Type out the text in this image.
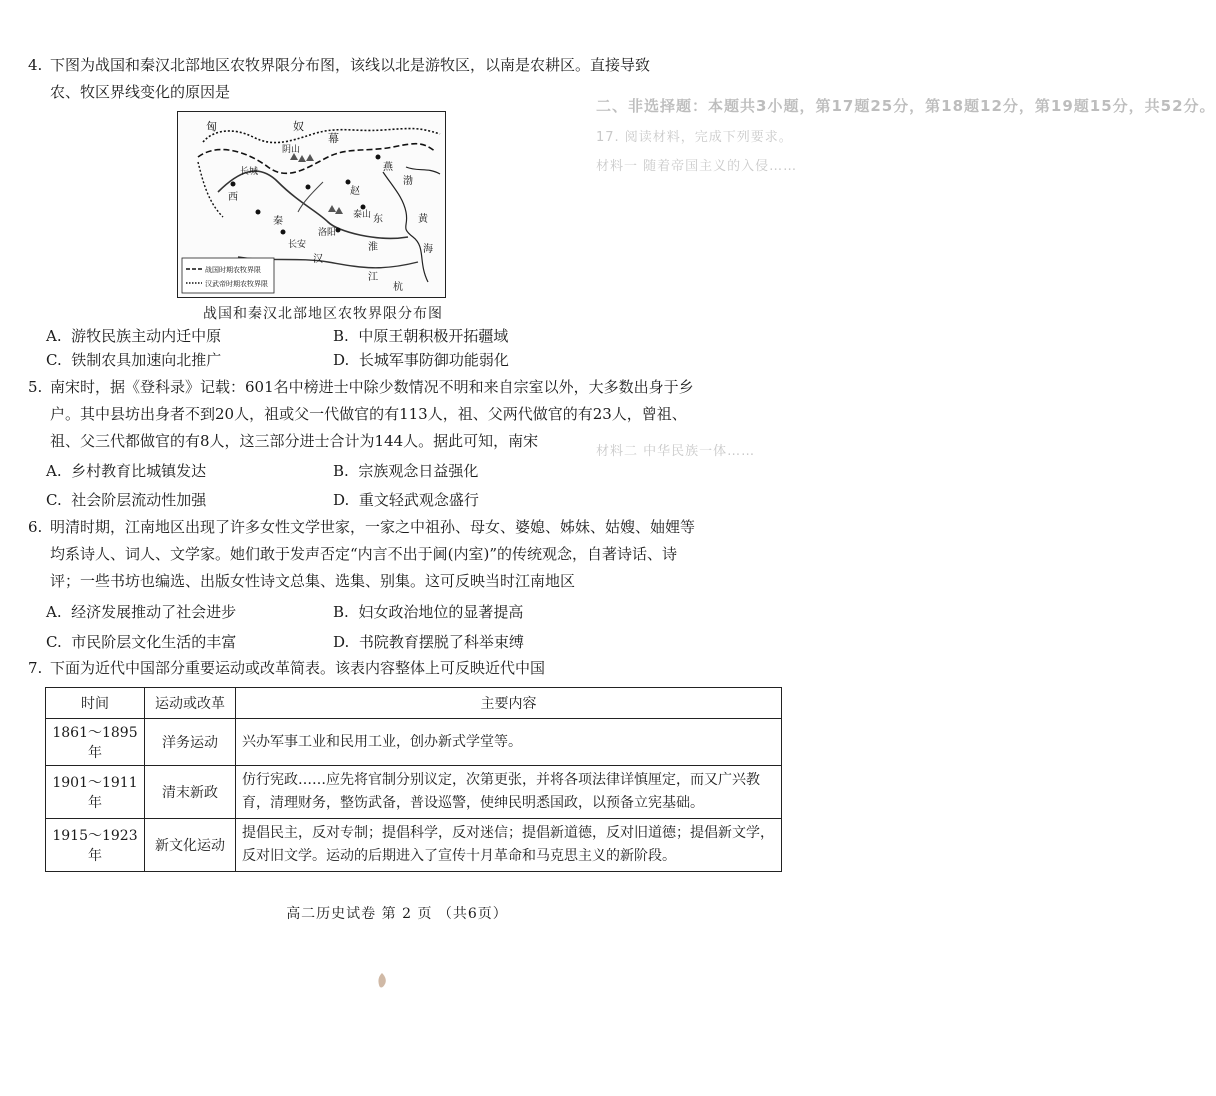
二、非选择题：本题共3小题，第17题25分，第18题12分，第19题15分，共52分。
17. 阅读材料，完成下列要求。
材料一 随着帝国主义的入侵……
材料二 中华民族一体……
4. 下图为战国和秦汉北部地区农牧界限分布图，该线以北是游牧区，以南是农耕区。直接导致
农、牧区界线变化的原因是
匈	奴
幕
阴山
长城	燕
赵
秦
西
洛阳
长安
东
泰山	黄
海
渤
淮
汉
江
杭
战国时期农牧界限
汉武帝时期农牧界限
战国和秦汉北部地区农牧界限分布图
A. 游牧民族主动内迁中原	B. 中原王朝积极开拓疆域
C. 铁制农具加速向北推广	D. 长城军事防御功能弱化
5. 南宋时，据《登科录》记载：601名中榜进士中除少数情况不明和来自宗室以外，大多数出身于乡
户。其中县坊出身者不到20人，祖或父一代做官的有113人，祖、父两代做官的有23人，曾祖、
祖、父三代都做官的有8人，这三部分进士合计为144人。据此可知，南宋
A. 乡村教育比城镇发达	B. 宗族观念日益强化
C. 社会阶层流动性加强	D. 重文轻武观念盛行
6. 明清时期，江南地区出现了许多女性文学世家，一家之中祖孙、母女、婆媳、姊妹、姑嫂、妯娌等
均系诗人、词人、文学家。她们敢于发声否定“内言不出于阃(内室)”的传统观念，自著诗话、诗
评；一些书坊也编选、出版女性诗文总集、选集、别集。这可反映当时江南地区
A. 经济发展推动了社会进步	B. 妇女政治地位的显著提高
C. 市民阶层文化生活的丰富	D. 书院教育摆脱了科举束缚
7. 下面为近代中国部分重要运动或改革简表。该表内容整体上可反映近代中国
时间	运动或改革	主要内容
1861～1895 年	洋务运动	兴办军事工业和民用工业，创办新式学堂等。
1901～1911 年	清末新政	仿行宪政……应先将官制分别议定，次第更张，并将各项法律详慎厘定，而又广兴教育，清理财务，整饬武备，普设巡警，使绅民明悉国政，以预备立宪基础。
1915～1923 年	新文化运动	提倡民主，反对专制；提倡科学，反对迷信；提倡新道德，反对旧道德；提倡新文学，反对旧文学。运动的后期进入了宣传十月革命和马克思主义的新阶段。
高二历史试卷 第 2 页 （共6页）
